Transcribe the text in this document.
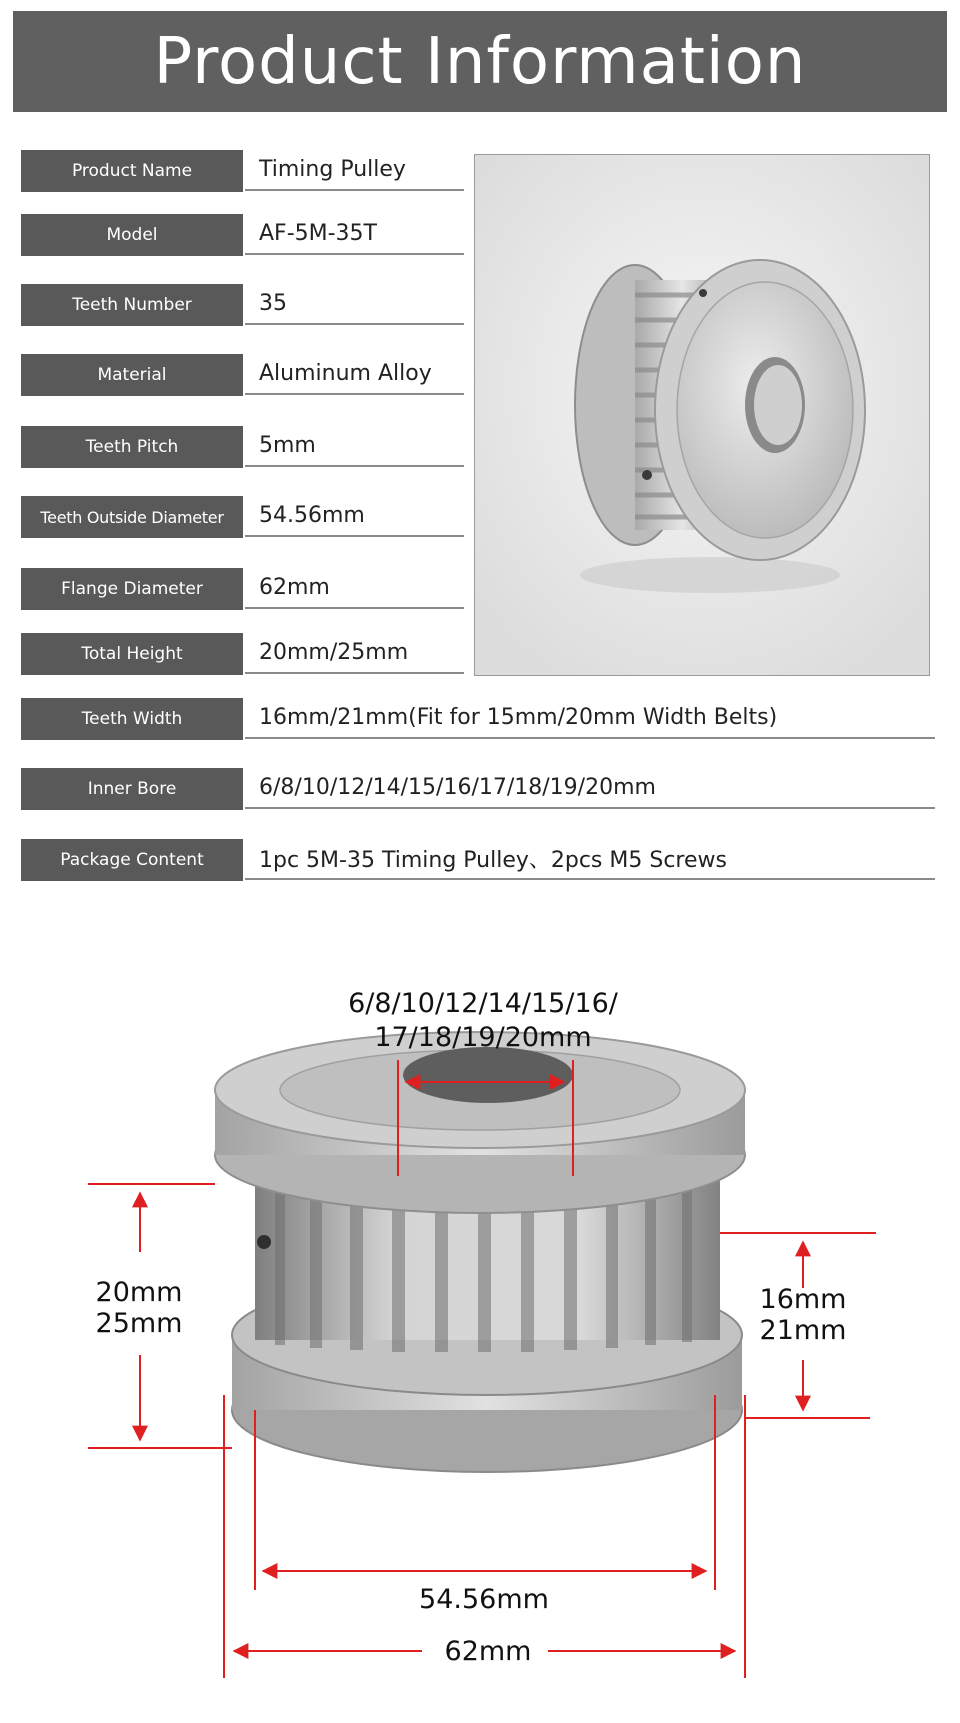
Product Information
Product Name	Timing Pulley
Model	AF-5M-35T
Teeth Number	35
Material	Aluminum Alloy
Teeth Pitch	5mm
Teeth Outside Diameter	54.56mm
Flange Diameter	62mm
Total Height	20mm/25mm
Teeth Width	16mm/21mm(Fit for 15mm/20mm Width Belts)
Inner Bore	6/8/10/12/14/15/16/17/18/19/20mm
Package Content	1pc 5M-35 Timing Pulley、2pcs M5 Screws
6/8/10/12/14/15/16/
17/18/19/20mm
20mm
25mm
16mm
21mm
54.56mm
62mm
